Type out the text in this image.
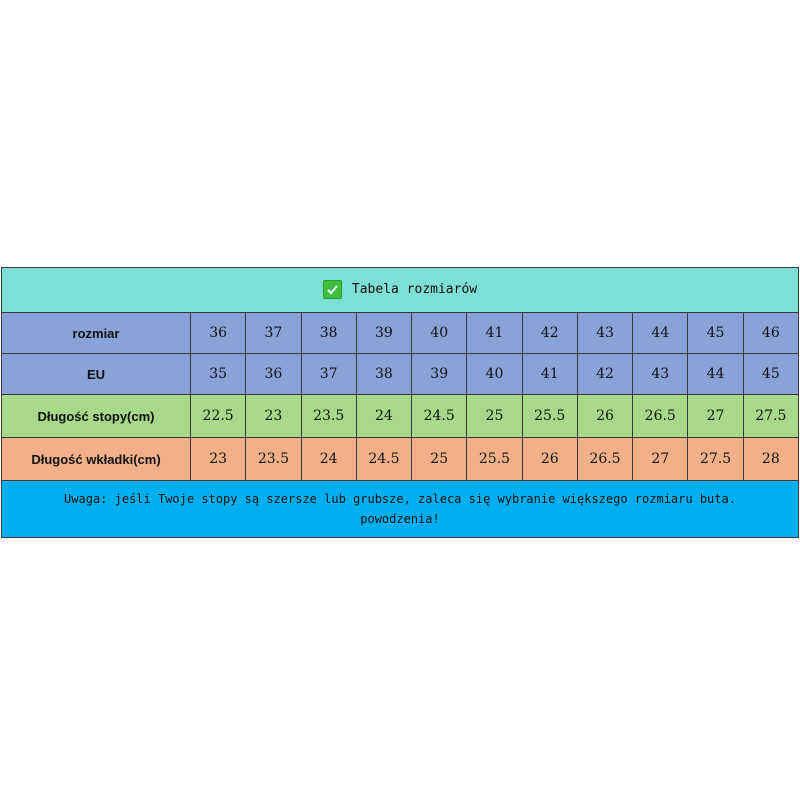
Tabela rozmiarów											

rozmiar	36	37	38	39	40	41	42	43	44	45	46
EU	35	36	37	38	39	40	41	42	43	44	45
Długość stopy(cm)	22.5	23	23.5	24	24.5	25	25.5	26	26.5	27	27.5
Długość wkładki(cm)	23	23.5	24	24.5	25	25.5	26	26.5	27	27.5	28

Uwaga: jeśli Twoje stopy są szersze lub grubsze, zaleca się wybranie większego rozmiaru buta.
powodzenia!											
